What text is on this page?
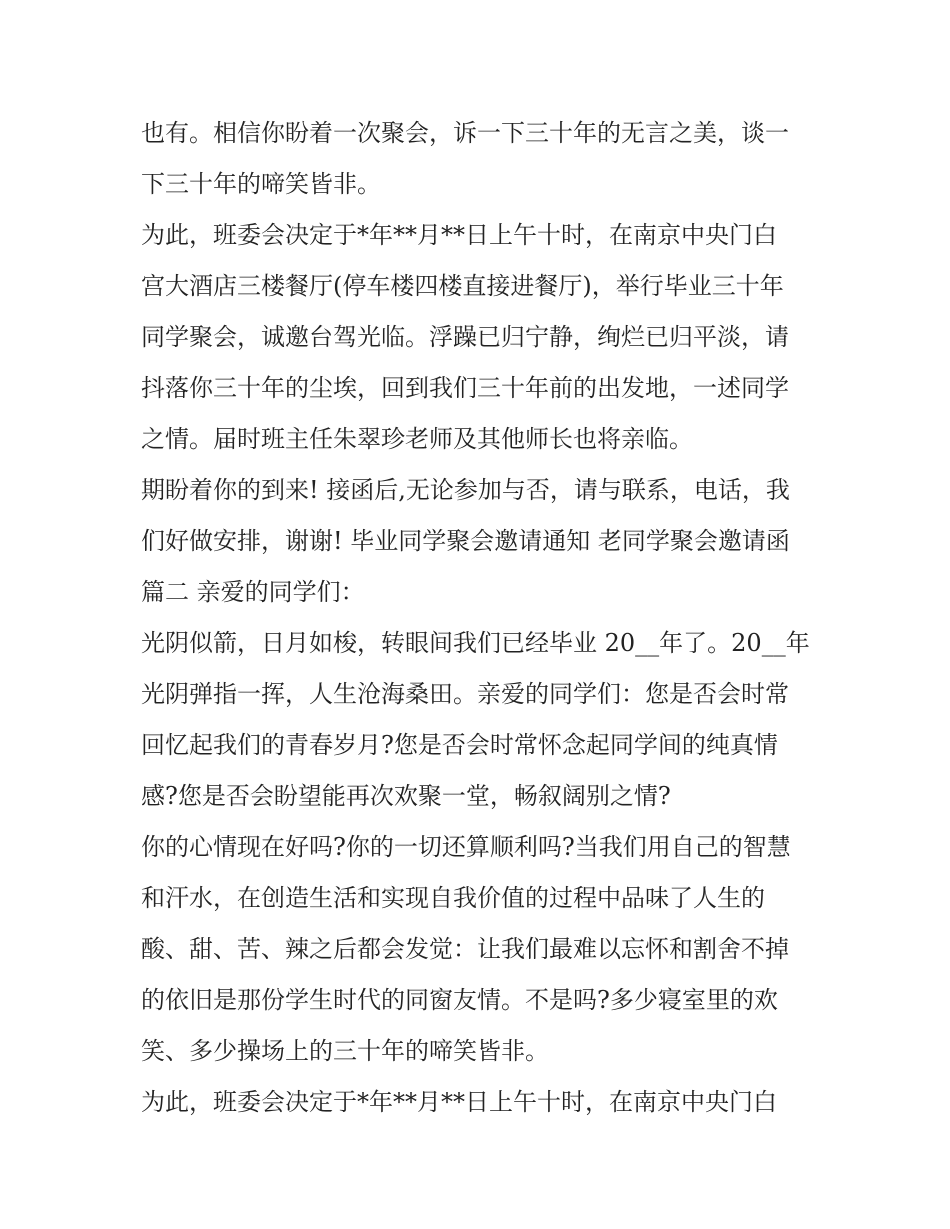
也有。相信你盼着一次聚会，诉一下三十年的无言之美，谈一
下三十年的啼笑皆非。
为此，班委会决定于*年**月**日上午十时，在南京中央门白
宫大酒店三楼餐厅(停车楼四楼直接进餐厅)，举行毕业三十年
同学聚会，诚邀台驾光临。浮躁已归宁静，绚烂已归平淡，请
抖落你三十年的尘埃，回到我们三十年前的出发地，一述同学
之情。届时班主任朱翠珍老师及其他师长也将亲临。
期盼着你的到来! 接函后,无论参加与否，请与联系，电话，我
们好做安排，谢谢! 毕业同学聚会邀请通知 老同学聚会邀请函
篇二 亲爱的同学们：
光阴似箭，日月如梭，转眼间我们已经毕业 20__年了。20__年
光阴弹指一挥，人生沧海桑田。亲爱的同学们：您是否会时常
回忆起我们的青春岁月?您是否会时常怀念起同学间的纯真情
感?您是否会盼望能再次欢聚一堂，畅叙阔别之情?
你的心情现在好吗?你的一切还算顺利吗?当我们用自己的智慧
和汗水，在创造生活和实现自我价值的过程中品味了人生的
酸、甜、苦、辣之后都会发觉：让我们最难以忘怀和割舍不掉
的依旧是那份学生时代的同窗友情。不是吗?多少寝室里的欢
笑、多少操场上的三十年的啼笑皆非。
为此，班委会决定于*年**月**日上午十时，在南京中央门白
